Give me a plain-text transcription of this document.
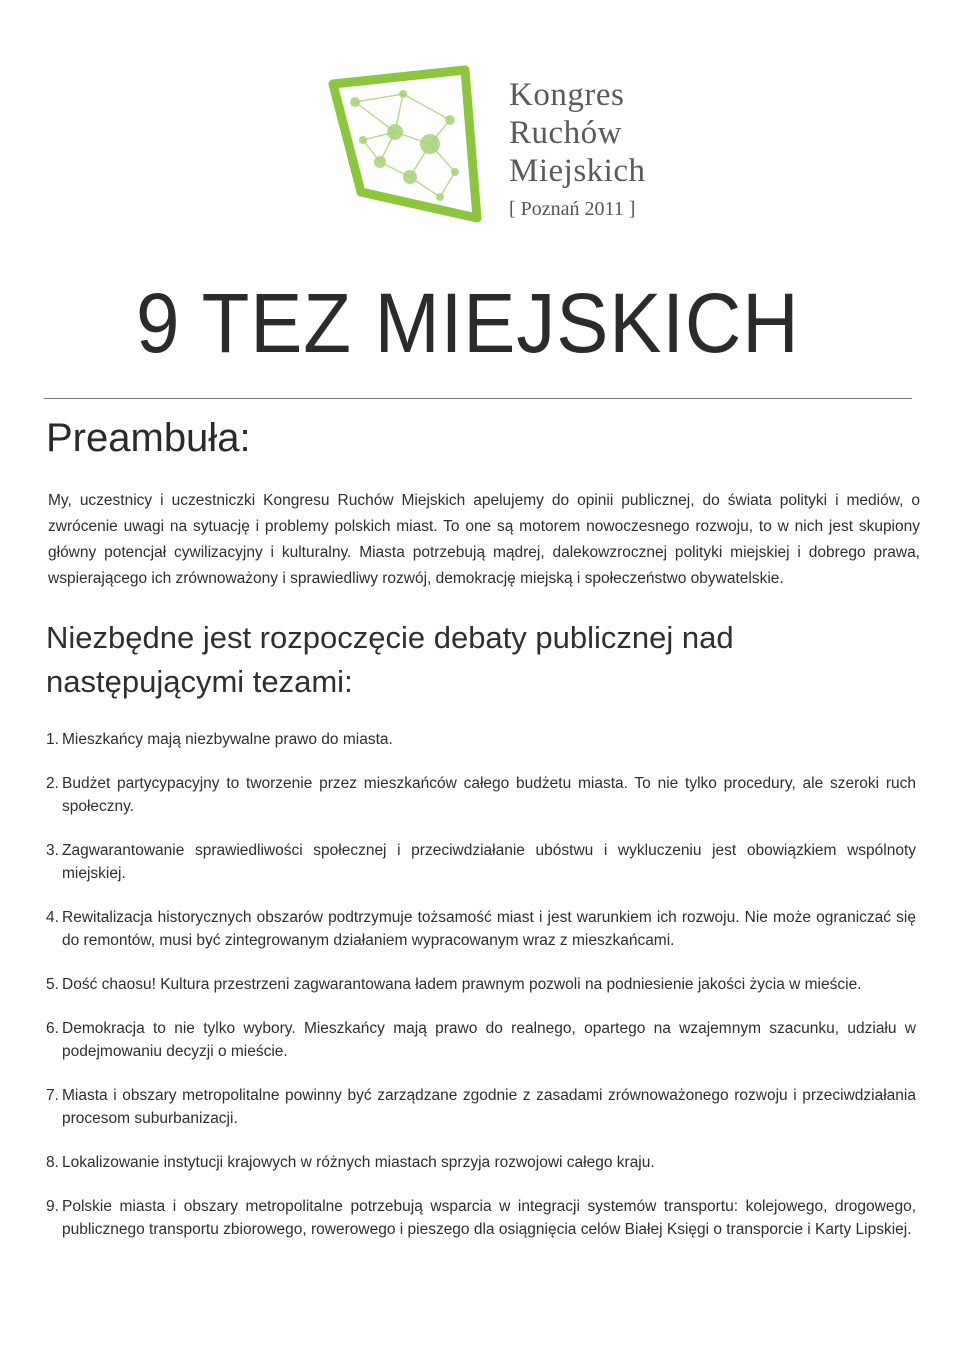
Kongres
Ruchów
Miejskich
[ Poznań 2011 ]
9 TEZ MIEJSKICH
Preambuła:
My, uczestnicy i uczestniczki Kongresu Ruchów Miejskich apelujemy do opinii publicznej, do świata polityki i mediów, o zwrócenie uwagi na sytuację i problemy polskich miast. To one są motorem nowoczesnego rozwoju, to w nich jest skupiony główny potencjał cywilizacyjny i kulturalny. Miasta potrzebują mądrej, dalekowzrocznej polityki miejskiej i dobrego prawa, wspierającego ich zrównoważony i sprawiedliwy rozwój, demokrację miejską i społeczeństwo obywatelskie.
Niezbędne jest rozpoczęcie debaty publicznej nad następującymi tezami:
1. Mieszkańcy mają niezbywalne prawo do miasta.
2. Budżet partycypacyjny to tworzenie przez mieszkańców całego budżetu miasta. To nie tylko procedury, ale szeroki ruch społeczny.
3. Zagwarantowanie sprawiedliwości społecznej i przeciwdziałanie ubóstwu i wykluczeniu jest obowiązkiem wspólnoty miejskiej.
4. Rewitalizacja historycznych obszarów podtrzymuje tożsamość miast i jest warunkiem ich rozwoju. Nie może ograniczać się do remontów, musi być zintegrowanym działaniem wypracowanym wraz z mieszkańcami.
5. Dość chaosu! Kultura przestrzeni zagwarantowana ładem prawnym pozwoli na podniesienie jakości życia w mieście.
6. Demokracja to nie tylko wybory. Mieszkańcy mają prawo do realnego, opartego na wzajemnym szacunku, udziału w podejmowaniu decyzji o mieście.
7. Miasta i obszary metropolitalne powinny być zarządzane zgodnie z zasadami zrównoważonego rozwoju i przeciwdziałania procesom suburbanizacji.
8. Lokalizowanie instytucji krajowych w różnych miastach sprzyja rozwojowi całego kraju.
9. Polskie miasta i obszary metropolitalne potrzebują wsparcia w integracji systemów transportu: kolejowego, drogowego, publicznego transportu zbiorowego, rowerowego i pieszego dla osiągnięcia celów Białej Księgi o transporcie i Karty Lipskiej.
